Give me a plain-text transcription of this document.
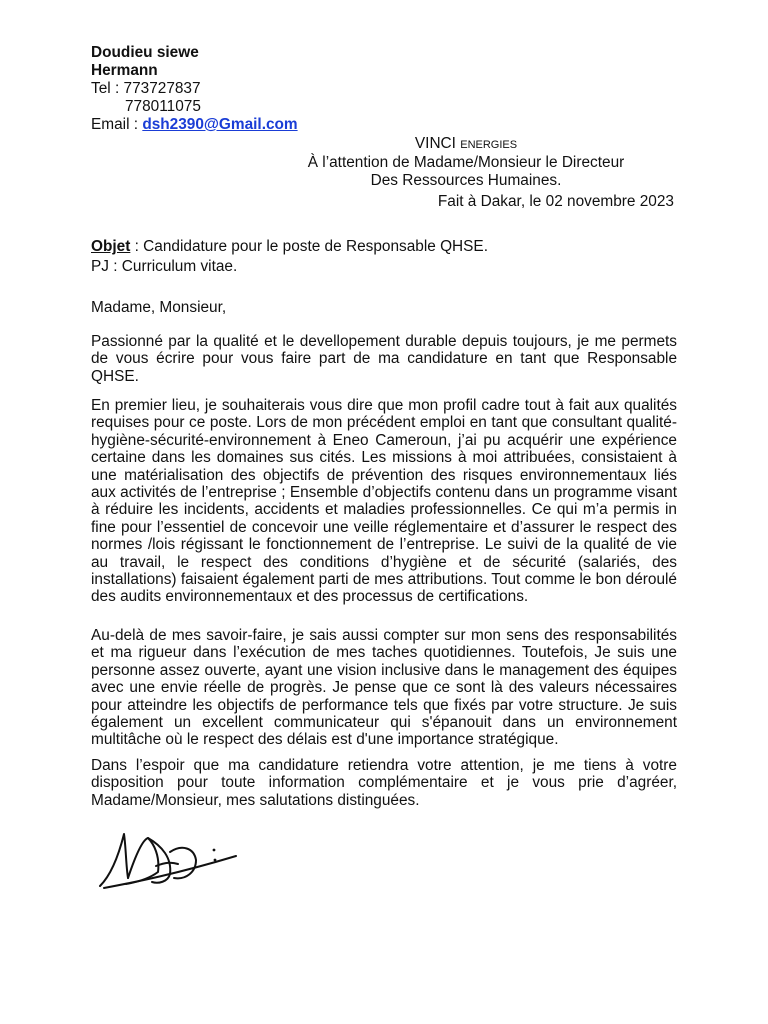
Doudieu siewe
Hermann
Tel : 773727837
778011075
Email : dsh2390@Gmail.com
VINCI ENERGIES
À l’attention de Madame/Monsieur le Directeur
Des Ressources Humaines.
Fait à Dakar, le 02 novembre 2023
Objet : Candidature pour le poste de Responsable QHSE.
PJ : Curriculum vitae.
Madame, Monsieur,
Passionné par la qualité et le devellopement durable depuis toujours, je me permets de vous écrire pour vous faire part de ma candidature en tant que Responsable QHSE.
En premier lieu, je souhaiterais vous dire que mon profil cadre tout à fait aux qualités requises pour ce poste. Lors de mon précédent emploi en tant que consultant qualité-hygiène-sécurité-environnement à Eneo Cameroun, j’ai pu acquérir une expérience certaine dans les domaines sus cités. Les missions à moi attribuées, consistaient à une matérialisation des objectifs de prévention des risques environnementaux liés aux activités de l’entreprise ; Ensemble d’objectifs contenu dans un programme visant à réduire les incidents, accidents et maladies professionnelles. Ce qui m’a permis in fine pour l’essentiel de concevoir une veille réglementaire et d’assurer le respect des normes /lois régissant le fonctionnement de l’entreprise. Le suivi de la qualité de vie au travail, le respect des conditions d’hygiène et de sécurité (salariés, des installations) faisaient également parti de mes attributions. Tout comme le bon déroulé des audits environnementaux et des processus de certifications.
Au-delà de mes savoir-faire, je sais aussi compter sur mon sens des responsabilités et ma rigueur dans l’exécution de mes taches quotidiennes. Toutefois, Je suis une personne assez ouverte, ayant une vision inclusive dans le management des équipes avec une envie réelle de progrès. Je pense que ce sont là des valeurs nécessaires pour atteindre les objectifs de performance tels que fixés par votre structure. Je suis également un excellent communicateur qui s'épanouit dans un environnement multitâche où le respect des délais est d'une importance stratégique.
Dans l’espoir que ma candidature retiendra votre attention, je me tiens à votre disposition pour toute information complémentaire et je vous prie d’agréer, Madame/Monsieur, mes salutations distinguées.
